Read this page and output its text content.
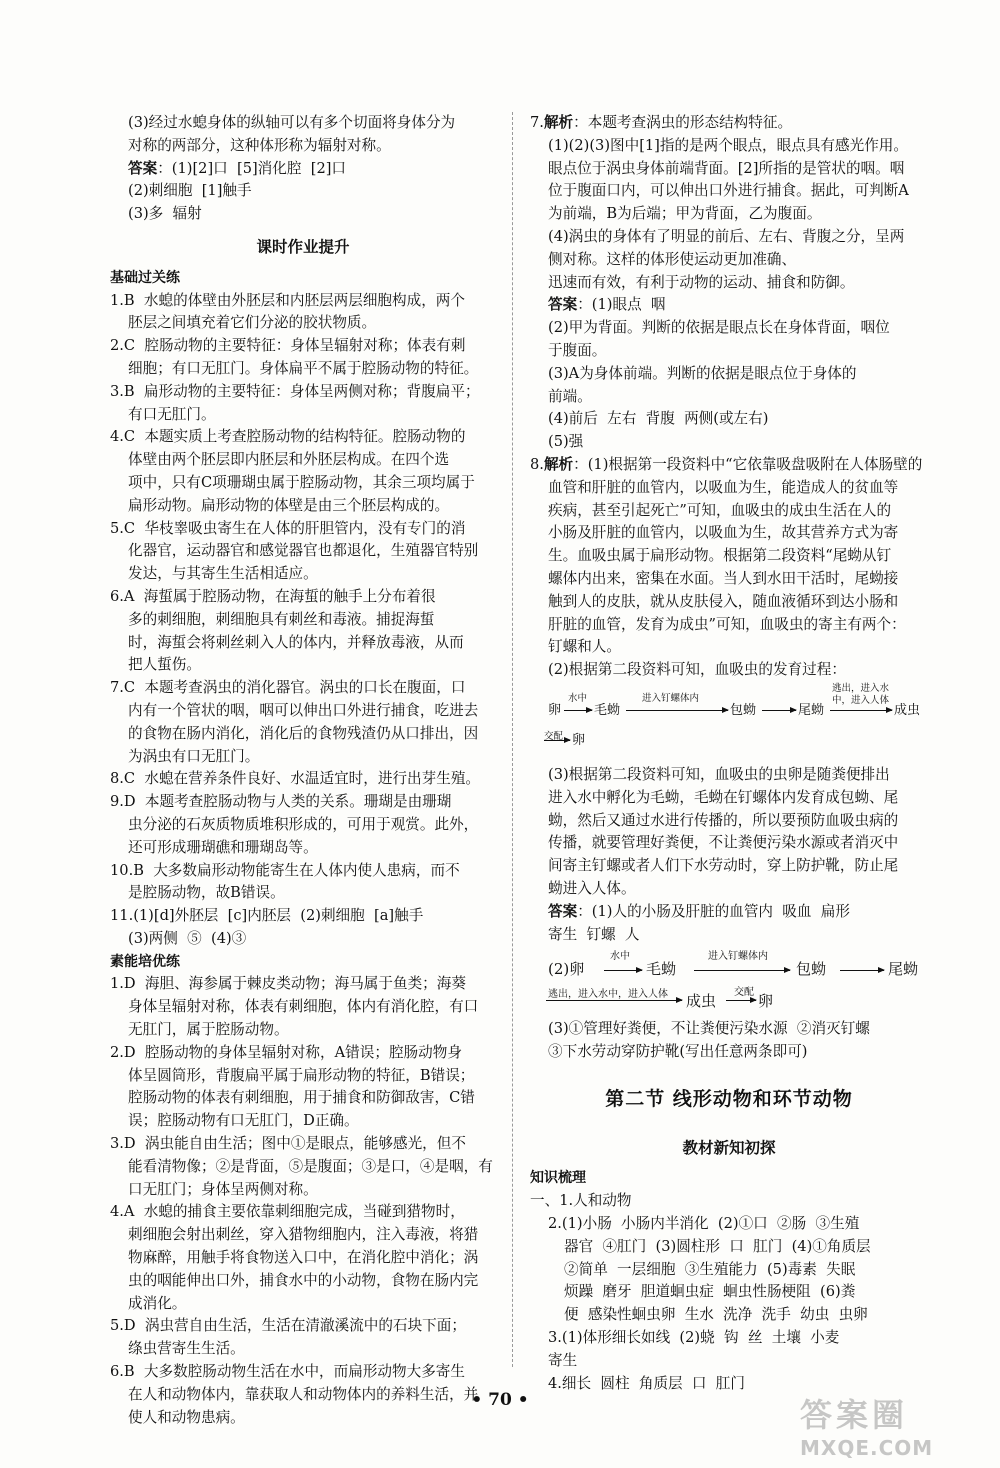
(3)经过水螅身体的纵轴可以有多个切面将身体分为
对称的两部分，这种体形称为辐射对称。
答案：(1)[2]口  [5]消化腔  [2]口
(2)刺细胞  [1]触手
(3)多  辐射
课时作业提升
基础过关练
1.B  水螅的体壁由外胚层和内胚层两层细胞构成，两个
胚层之间填充着它们分泌的胶状物质。
2.C  腔肠动物的主要特征：身体呈辐射对称；体表有刺
细胞；有口无肛门。身体扁平不属于腔肠动物的特征。
3.B  扁形动物的主要特征：身体呈两侧对称；背腹扁平；
有口无肛门。
4.C  本题实质上考查腔肠动物的结构特征。腔肠动物的
体壁由两个胚层即内胚层和外胚层构成。在四个选
项中，只有C项珊瑚虫属于腔肠动物，其余三项均属于
扁形动物。扁形动物的体壁是由三个胚层构成的。
5.C  华枝睾吸虫寄生在人体的肝胆管内，没有专门的消
化器官，运动器官和感觉器官也都退化，生殖器官特别
发达，与其寄生生活相适应。
6.A  海蜇属于腔肠动物，在海蜇的触手上分布着很
多的刺细胞，刺细胞具有刺丝和毒液。捕捉海蜇
时，海蜇会将刺丝刺入人的体内，并释放毒液，从而
把人蜇伤。
7.C  本题考查涡虫的消化器官。涡虫的口长在腹面，口
内有一个管状的咽，咽可以伸出口外进行捕食，吃进去
的食物在肠内消化，消化后的食物残渣仍从口排出，因
为涡虫有口无肛门。
8.C  水螅在营养条件良好、水温适宜时，进行出芽生殖。
9.D  本题考查腔肠动物与人类的关系。珊瑚是由珊瑚
虫分泌的石灰质物质堆积形成的，可用于观赏。此外，
还可形成珊瑚礁和珊瑚岛等。
10.B  大多数扁形动物能寄生在人体内使人患病，而不
是腔肠动物，故B错误。
11.(1)[d]外胚层  [c]内胚层  (2)刺细胞  [a]触手
(3)两侧  ⑤  (4)③
素能培优练
1.D  海胆、海参属于棘皮类动物；海马属于鱼类；海葵
身体呈辐射对称，体表有刺细胞，体内有消化腔，有口
无肛门，属于腔肠动物。
2.D  腔肠动物的身体呈辐射对称，A错误；腔肠动物身
体呈圆筒形，背腹扁平属于扁形动物的特征，B错误；
腔肠动物的体表有刺细胞，用于捕食和防御敌害，C错
误；腔肠动物有口无肛门，D正确。
3.D  涡虫能自由生活；图中①是眼点，能够感光，但不
能看清物像；②是背面，⑤是腹面；③是口，④是咽，有
口无肛门；身体呈两侧对称。
4.A  水螅的捕食主要依靠刺细胞完成，当碰到猎物时，
刺细胞会射出刺丝，穿入猎物细胞内，注入毒液，将猎
物麻醉，用触手将食物送入口中，在消化腔中消化；涡
虫的咽能伸出口外，捕食水中的小动物，食物在肠内完
成消化。
5.D  涡虫营自由生活，生活在清澈溪流中的石块下面；
绦虫营寄生生活。
6.B  大多数腔肠动物生活在水中，而扁形动物大多寄生
在人和动物体内，靠获取人和动物体内的养料生活，并
使人和动物患病。
7.解析：本题考查涡虫的形态结构特征。
(1)(2)(3)图中[1]指的是两个眼点，眼点具有感光作用。
眼点位于涡虫身体前端背面。[2]所指的是管状的咽。咽
位于腹面口内，可以伸出口外进行捕食。据此，可判断A
为前端，B为后端；甲为背面，乙为腹面。
(4)涡虫的身体有了明显的前后、左右、背腹之分，呈两
侧对称。这样的体形使运动更加准确、
迅速而有效，有利于动物的运动、捕食和防御。
答案：(1)眼点  咽
(2)甲为背面。判断的依据是眼点长在身体背面，咽位
于腹面。
(3)A为身体前端。判断的依据是眼点位于身体的
前端。
(4)前后  左右  背腹  两侧(或左右)
(5)强
8.解析：(1)根据第一段资料中“它依靠吸盘吸附在人体肠壁的
血管和肝脏的血管内，以吸血为生，能造成人的贫血等
疾病，甚至引起死亡”可知，血吸虫的成虫生活在人的
小肠及肝脏的血管内，以吸血为生，故其营养方式为寄
生。血吸虫属于扁形动物。根据第二段资料“尾蚴从钉
螺体内出来，密集在水面。当人到水田干活时，尾蚴接
触到人的皮肤，就从皮肤侵入，随血液循环到达小肠和
肝脏的血管，发育为成虫”可知，血吸虫的寄主有两个：
钉螺和人。
(2)根据第二段资料可知，血吸虫的发育过程：
卵
水中
毛蚴
进入钉螺体内
包蚴	尾蚴
逃出，进入水
中，进入人体
成虫
交配 卵
(3)根据第二段资料可知，血吸虫的虫卵是随粪便排出
进入水中孵化为毛蚴，毛蚴在钉螺体内发育成包蚴、尾
蚴，然后又通过水进行传播的，所以要预防血吸虫病的
传播，就要管理好粪便，不让粪便污染水源或者消灭中
间寄主钉螺或者人们下水劳动时，穿上防护靴，防止尾
蚴进入人体。
答案：(1)人的小肠及肝脏的血管内  吸血  扁形
寄生  钉螺  人
(2)卵
水中
毛蚴
进入钉螺体内
包蚴	尾蚴
逃出，进入水中，进入人体 成虫 交配 卵
(3)①管理好粪便，不让粪便污染水源  ②消灭钉螺
③下水劳动穿防护靴(写出任意两条即可)
第二节 线形动物和环节动物
教材新知初探
知识梳理
一、1.人和动物
2.(1)小肠  小肠内半消化  (2)①口  ②肠  ③生殖
器官  ④肛门  (3)圆柱形  口  肛门  (4)①角质层
②简单  一层细胞  ③生殖能力  (5)毒素  失眠
烦躁  磨牙  胆道蛔虫症  蛔虫性肠梗阻  (6)粪
便  感染性蛔虫卵  生水  洗净  洗手  幼虫  虫卵
3.(1)体形细长如线  (2)蛲  钩  丝  土壤  小麦
寄生
4.细长  圆柱  角质层  口  肛门
• 70 •	答案圈
MXQE.COM
